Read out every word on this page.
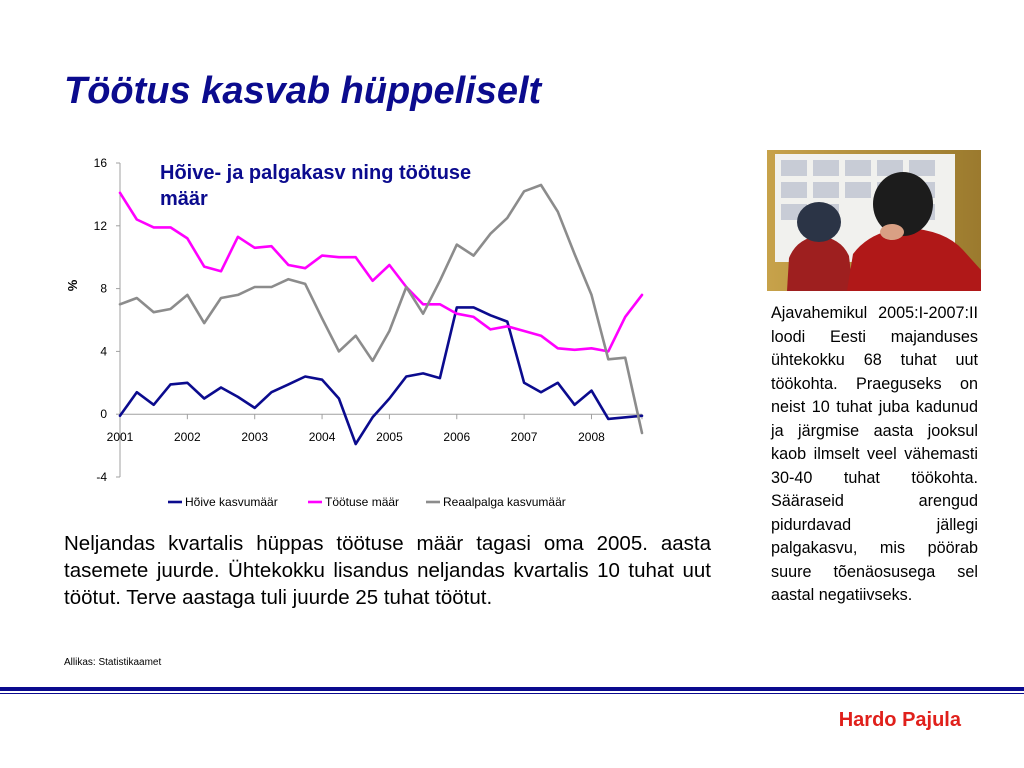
Töötus kasvab hüppeliselt
-4
0
4
8
12
16
2001	2002	2003	2004	2005	2006	2007	2008
%
Hõive kasvumäär	Töötuse määr	Reaalpalga kasvumäär
Hõive- ja palgakasv ning töötuse määr
Ajavahemikul 2005:I-2007:II loodi Eesti majanduses ühtekokku 68 tuhat uut töökohta. Praeguseks on neist 10 tuhat juba kadunud ja järgmise aasta jooksul kaob ilmselt veel vähemasti 30-40 tuhat töökohta. Sääraseid arengud pidurdavad jällegi palgakasvu, mis pöörab suure tõenäosusega sel aastal negatiivseks.
Neljandas kvartalis hüppas töötuse määr tagasi oma 2005. aasta tasemete juurde. Ühtekokku lisandus neljandas kvartalis 10 tuhat uut töötut. Terve aastaga tuli juurde 25 tuhat töötut.
Allikas: Statistikaamet
Hardo Pajula
